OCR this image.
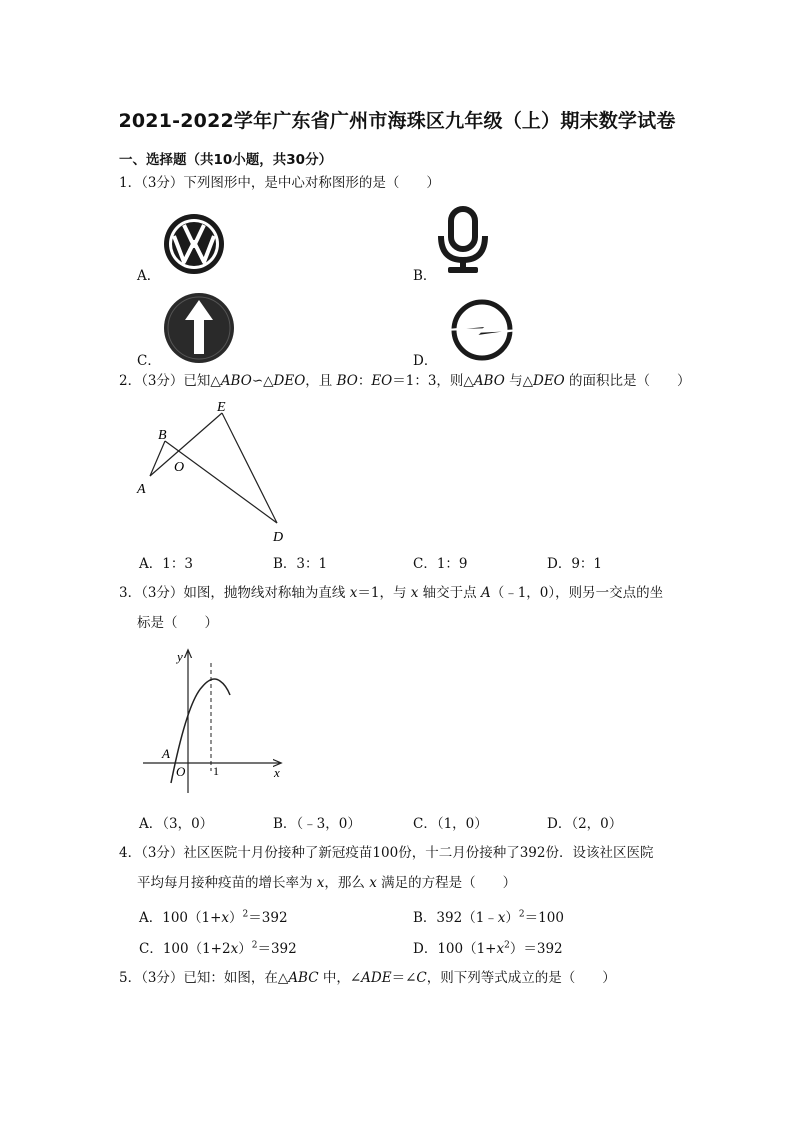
2021-2022学年广东省广州市海珠区九年级（上）期末数学试卷
一、选择题（共10小题，共30分）
1．（3分）下列图形中，是中心对称图形的是（　　）
A．	B．
C．	D．
2．（3分）已知△ABO∽△DEO，且 BO：EO＝1：3，则△ABO 与△DEO 的面积比是（　　）
A
B
O
E
D
A．1：3	B．3：1	C．1：9	D．9：1
3．（3分）如图，抛物线对称轴为直线 x＝1，与 x 轴交于点 A（﹣1，0），则另一交点的坐
标是（　　）
y
x
A
O 1
A．（3，0）	B．（﹣3，0）	C．（1，0）	D．（2，0）
4．（3分）社区医院十月份接种了新冠疫苗100份，十二月份接种了392份．设该社区医院
平均每月接种疫苗的增长率为 x，那么 x 满足的方程是（　　）
A．$100(1+x)^2=392$	B．392（1﹣x）$^2$＝100
C．$100(1+2x)^2=392$	D．$100(1+x^2)=392$
5．（3分）已知：如图，在△ABC 中，∠ADE＝∠C，则下列等式成立的是（　　）
